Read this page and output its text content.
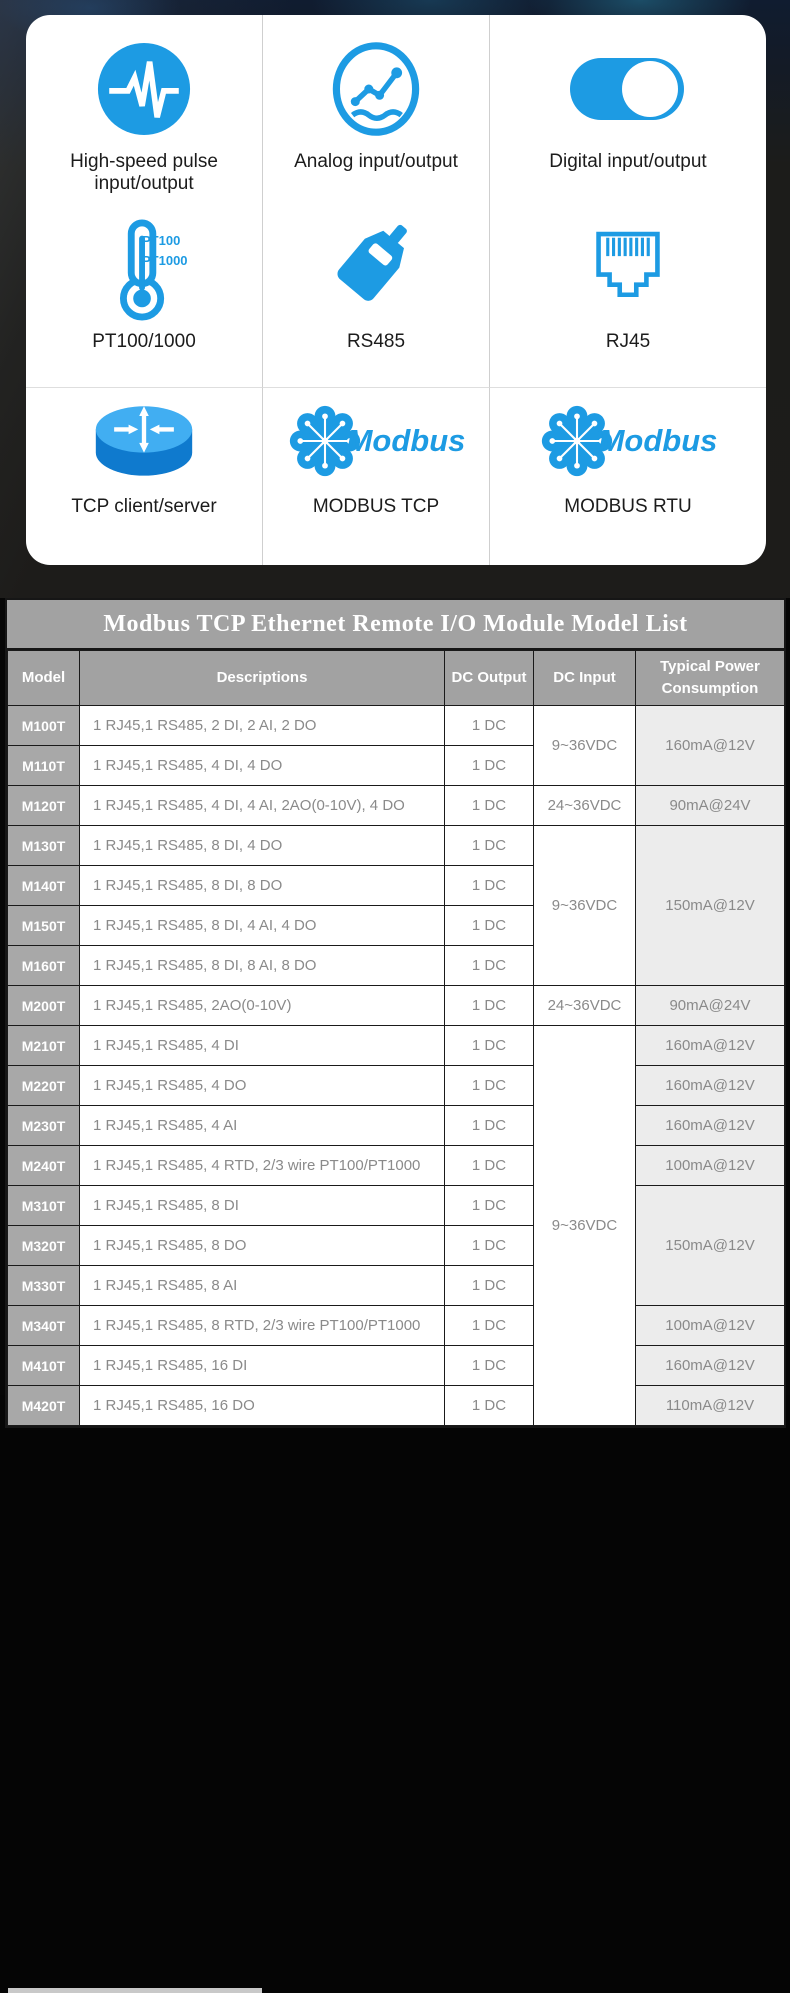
High-speed pulse input/output
Analog input/output	Digital input/output
PT100
PT1000
PT100/1000	RS485	RJ45
TCP client/server
Modbus
MODBUS TCP
Modbus
MODBUS RTU
Modbus TCP Ethernet Remote I/O Module Model List
Model	Descriptions	DC Output	DC Input	Typical Power Consumption
M100T	1 RJ45,1 RS485, 2 DI, 2 AI, 2 DO	1 DC	9~36VDC	160mA@12V
M110T	1 RJ45,1 RS485, 4 DI, 4 DO	1 DC		
M120T	1 RJ45,1 RS485, 4 DI, 4 AI, 2AO(0-10V), 4 DO	1 DC	24~36VDC	90mA@24V
M130T	1 RJ45,1 RS485, 8 DI, 4 DO	1 DC	9~36VDC	150mA@12V
M140T	1 RJ45,1 RS485, 8 DI, 8 DO	1 DC		
M150T	1 RJ45,1 RS485, 8 DI, 4 AI, 4 DO	1 DC		
M160T	1 RJ45,1 RS485, 8 DI, 8 AI, 8 DO	1 DC		
M200T	1 RJ45,1 RS485, 2AO(0-10V)	1 DC	24~36VDC	90mA@24V
M210T	1 RJ45,1 RS485, 4 DI	1 DC	9~36VDC	160mA@12V
M220T	1 RJ45,1 RS485, 4 DO	1 DC		160mA@12V
M230T	1 RJ45,1 RS485, 4 AI	1 DC		160mA@12V
M240T	1 RJ45,1 RS485, 4 RTD, 2/3 wire PT100/PT1000	1 DC		100mA@12V
M310T	1 RJ45,1 RS485, 8 DI	1 DC		150mA@12V
M320T	1 RJ45,1 RS485, 8 DO	1 DC		
M330T	1 RJ45,1 RS485, 8 AI	1 DC		
M340T	1 RJ45,1 RS485, 8 RTD, 2/3 wire PT100/PT1000	1 DC		100mA@12V
M410T	1 RJ45,1 RS485, 16 DI	1 DC		160mA@12V
M420T	1 RJ45,1 RS485, 16 DO	1 DC		110mA@12V
